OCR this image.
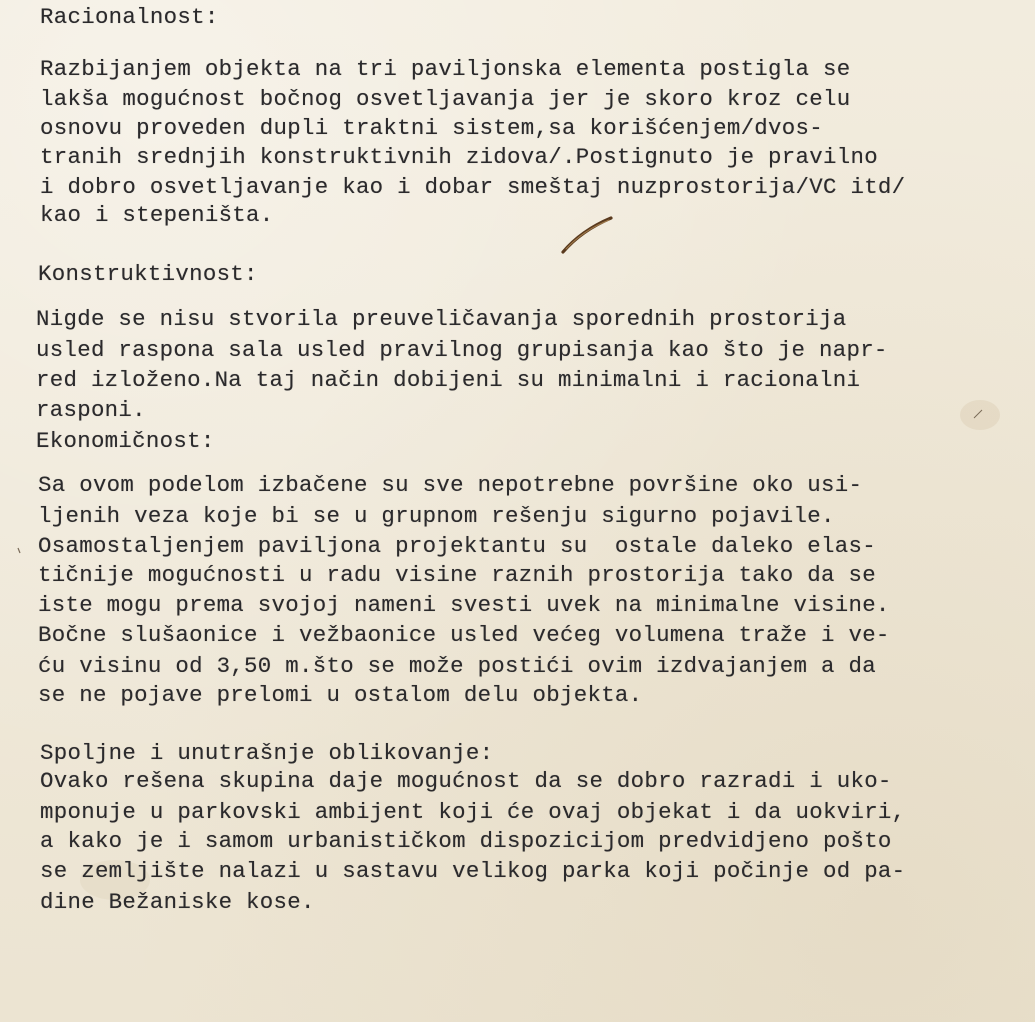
Racionalnost:

Razbijanjem objekta na tri paviljonska elementa postigla se

lakša mogućnost bočnog osvetljavanja jer je skoro kroz celu

osnovu proveden dupli traktni sistem,sa korišćenjem/dvos-

tranih srednjih konstruktivnih zidova/.Postignuto je pravilno

i dobro osvetljavanje kao i dobar smeštaj nuzprostorija/VC itd/

kao i stepeništa.

Konstruktivnost:

Nigde se nisu stvorila preuveličavanja sporednih prostorija

usled raspona sala usled pravilnog grupisanja kao što je napr-

red izloženo.Na taj način dobijeni su minimalni i racionalni

rasponi.

Ekonomičnost:

Sa ovom podelom izbačene su sve nepotrebne površine oko usi-

ljenih veza koje bi se u grupnom rešenju sigurno pojavile.

Osamostaljenjem paviljona projektantu su  ostale daleko elas-

tičnije mogućnosti u radu visine raznih prostorija tako da se

iste mogu prema svojoj nameni svesti uvek na minimalne visine.

Bočne slušaonice i vežbaonice usled većeg volumena traže i ve-

ću visinu od 3,50 m.što se može postići ovim izdvajanjem a da

se ne pojave prelomi u ostalom delu objekta.

Spoljne i unutrašnje oblikovanje:

Ovako rešena skupina daje mogućnost da se dobro razradi i uko-

mponuje u parkovski ambijent koji će ovaj objekat i da uokviri,

a kako je i samom urbanističkom dispozicijom predvidjeno pošto

se zemljište nalazi u sastavu velikog parka koji počinje od pa-

dine Bežaniske kose.
